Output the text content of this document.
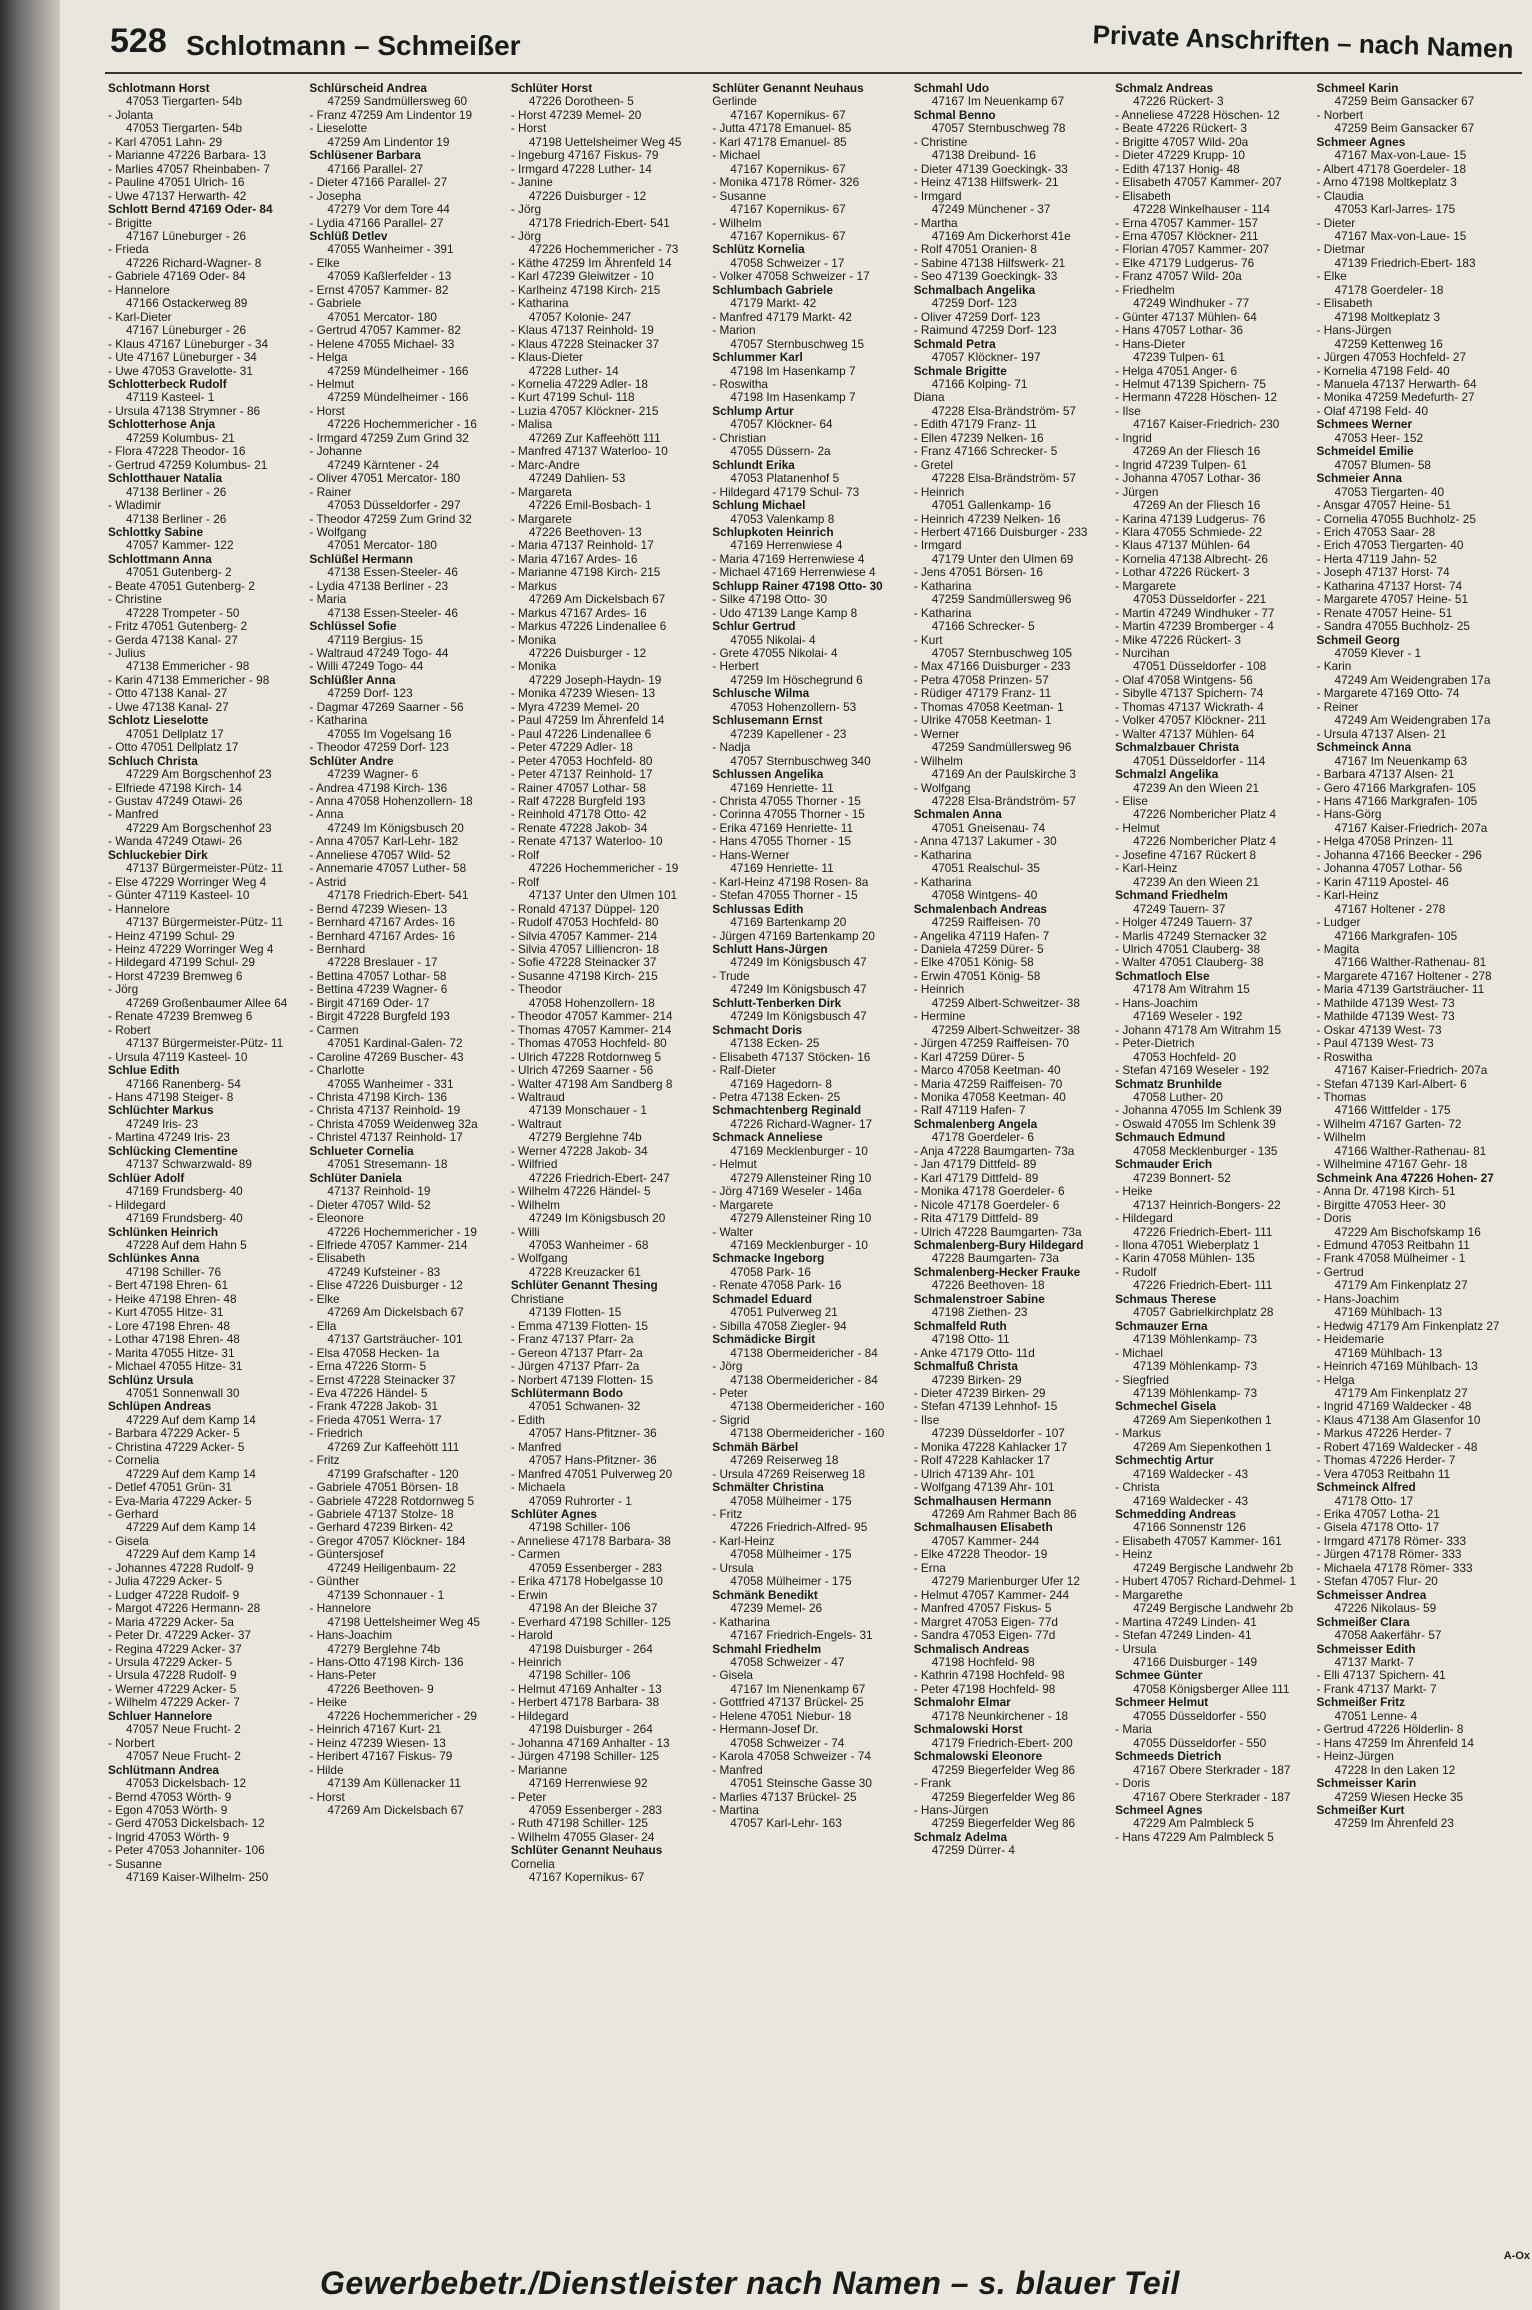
528 Schlotmann – Schmeißer	Private Anschriften – nach Namen
Schlotmann Horst
47053 Tiergarten- 54b
- Jolanta
47053 Tiergarten- 54b
- Karl 47051 Lahn- 29
- Marianne 47226 Barbara- 13
- Marlies 47057 Rheinbaben- 7
- Pauline 47051 Ulrich- 16
- Uwe 47137 Herwarth- 42
Schlott Bernd 47169 Oder- 84
- Brigitte
47167 Lüneburger - 26
- Frieda
47226 Richard-Wagner- 8
- Gabriele 47169 Oder- 84
- Hannelore
47166 Ostackerweg 89
- Karl-Dieter
47167 Lüneburger - 26
- Klaus 47167 Lüneburger - 34
- Ute 47167 Lüneburger - 34
- Uwe 47053 Gravelotte- 31
Schlotterbeck Rudolf
47119 Kasteel- 1
- Ursula 47138 Strymner - 86
Schlotterhose Anja
47259 Kolumbus- 21
- Flora 47228 Theodor- 16
- Gertrud 47259 Kolumbus- 21
Schlotthauer Natalia
47138 Berliner - 26
- Wladimir
47138 Berliner - 26
Schlottky Sabine
47057 Kammer- 122
Schlottmann Anna
47051 Gutenberg- 2
- Beate 47051 Gutenberg- 2
- Christine
47228 Trompeter - 50
- Fritz 47051 Gutenberg- 2
- Gerda 47138 Kanal- 27
- Julius
47138 Emmericher - 98
- Karin 47138 Emmericher - 98
- Otto 47138 Kanal- 27
- Uwe 47138 Kanal- 27
Schlotz Lieselotte
47051 Dellplatz 17
- Otto 47051 Dellplatz 17
Schluch Christa
47229 Am Borgschenhof 23
- Elfriede 47198 Kirch- 14
- Gustav 47249 Otawi- 26
- Manfred
47229 Am Borgschenhof 23
- Wanda 47249 Otawi- 26
Schluckebier Dirk
47137 Bürgermeister-Pütz- 11
- Else 47229 Worringer Weg 4
- Günter 47119 Kasteel- 10
- Hannelore
47137 Bürgermeister-Pütz- 11
- Heinz 47199 Schul- 29
- Heinz 47229 Worringer Weg 4
- Hildegard 47199 Schul- 29
- Horst 47239 Bremweg 6
- Jörg
47269 Großenbaumer Allee 64
- Renate 47239 Bremweg 6
- Robert
47137 Bürgermeister-Pütz- 11
- Ursula 47119 Kasteel- 10
Schlue Edith
47166 Ranenberg- 54
- Hans 47198 Steiger- 8
Schlüchter Markus
47249 Iris- 23
- Martina 47249 Iris- 23
Schlücking Clementine
47137 Schwarzwald- 89
Schlüer Adolf
47169 Frundsberg- 40
- Hildegard
47169 Frundsberg- 40
Schlünken Heinrich
47228 Auf dem Hahn 5
Schlünkes Anna
47198 Schiller- 76
- Bert 47198 Ehren- 61
- Heike 47198 Ehren- 48
- Kurt 47055 Hitze- 31
- Lore 47198 Ehren- 48
- Lothar 47198 Ehren- 48
- Marita 47055 Hitze- 31
- Michael 47055 Hitze- 31
Schlünz Ursula
47051 Sonnenwall 30
Schlüpen Andreas
47229 Auf dem Kamp 14
- Barbara 47229 Acker- 5
- Christina 47229 Acker- 5
- Cornelia
47229 Auf dem Kamp 14
- Detlef 47051 Grün- 31
- Eva-Maria 47229 Acker- 5
- Gerhard
47229 Auf dem Kamp 14
- Gisela
47229 Auf dem Kamp 14
- Johannes 47228 Rudolf- 9
- Julia 47229 Acker- 5
- Ludger 47228 Rudolf- 9
- Margot 47226 Hermann- 28
- Maria 47229 Acker- 5a
- Peter Dr. 47229 Acker- 37
- Regina 47229 Acker- 37
- Ursula 47229 Acker- 5
- Ursula 47228 Rudolf- 9
- Werner 47229 Acker- 5
- Wilhelm 47229 Acker- 7
Schluer Hannelore
47057 Neue Frucht- 2
- Norbert
47057 Neue Frucht- 2
Schlütmann Andrea
47053 Dickelsbach- 12
- Bernd 47053 Wörth- 9
- Egon 47053 Wörth- 9
- Gerd 47053 Dickelsbach- 12
- Ingrid 47053 Wörth- 9
- Peter 47053 Johanniter- 106
- Susanne
47169 Kaiser-Wilhelm- 250
Schlürscheid Andrea
47259 Sandmüllersweg 60
- Franz 47259 Am Lindentor 19
- Lieselotte
47259 Am Lindentor 19
Schlüsener Barbara
47166 Parallel- 27
- Dieter 47166 Parallel- 27
- Josepha
47279 Vor dem Tore 44
- Lydia 47166 Parallel- 27
Schlüß Detlev
47055 Wanheimer - 391
- Elke
47059 Kaßlerfelder - 13
- Ernst 47057 Kammer- 82
- Gabriele
47051 Mercator- 180
- Gertrud 47057 Kammer- 82
- Helene 47055 Michael- 33
- Helga
47259 Mündelheimer - 166
- Helmut
47259 Mündelheimer - 166
- Horst
47226 Hochemmericher - 16
- Irmgard 47259 Zum Grind 32
- Johanne
47249 Kärntener - 24
- Oliver 47051 Mercator- 180
- Rainer
47053 Düsseldorfer - 297
- Theodor 47259 Zum Grind 32
- Wolfgang
47051 Mercator- 180
Schlüßel Hermann
47138 Essen-Steeler- 46
- Lydia 47138 Berliner - 23
- Maria
47138 Essen-Steeler- 46
Schlüssel Sofie
47119 Bergius- 15
- Waltraud 47249 Togo- 44
- Willi 47249 Togo- 44
Schlüßler Anna
47259 Dorf- 123
- Dagmar 47269 Saarner - 56
- Katharina
47055 Im Vogelsang 16
- Theodor 47259 Dorf- 123
Schlüter Andre
47239 Wagner- 6
- Andrea 47198 Kirch- 136
- Anna 47058 Hohenzollern- 18
- Anna
47249 Im Königsbusch 20
- Anna 47057 Karl-Lehr- 182
- Anneliese 47057 Wild- 52
- Annemarie 47057 Luther- 58
- Astrid
47178 Friedrich-Ebert- 541
- Bernd 47239 Wiesen- 13
- Bernhard 47167 Ardes- 16
- Bernhard 47167 Ardes- 16
- Bernhard
47228 Breslauer - 17
- Bettina 47057 Lothar- 58
- Bettina 47239 Wagner- 6
- Birgit 47169 Oder- 17
- Birgit 47228 Burgfeld 193
- Carmen
47051 Kardinal-Galen- 72
- Caroline 47269 Buscher- 43
- Charlotte
47055 Wanheimer - 331
- Christa 47198 Kirch- 136
- Christa 47137 Reinhold- 19
- Christa 47059 Weidenweg 32a
- Christel 47137 Reinhold- 17
Schlueter Cornelia
47051 Stresemann- 18
Schlüter Daniela
47137 Reinhold- 19
- Dieter 47057 Wild- 52
- Eleonore
47226 Hochemmericher - 19
- Elfriede 47057 Kammer- 214
- Elisabeth
47249 Kufsteiner - 83
- Elise 47226 Duisburger - 12
- Elke
47269 Am Dickelsbach 67
- Ella
47137 Gartsträucher- 101
- Elsa 47058 Hecken- 1a
- Erna 47226 Storm- 5
- Ernst 47228 Steinacker 37
- Eva 47226 Händel- 5
- Frank 47228 Jakob- 31
- Frieda 47051 Werra- 17
- Friedrich
47269 Zur Kaffeehött 111
- Fritz
47199 Grafschafter - 120
- Gabriele 47051 Börsen- 18
- Gabriele 47228 Rotdornweg 5
- Gabriele 47137 Stolze- 18
- Gerhard 47239 Birken- 42
- Gregor 47057 Klöckner- 184
- Güntersjosef
47249 Heiligenbaum- 22
- Günther
47139 Schonnauer - 1
- Hannelore
47198 Uettelsheimer Weg 45
- Hans-Joachim
47279 Berglehne 74b
- Hans-Otto 47198 Kirch- 136
- Hans-Peter
47226 Beethoven- 9
- Heike
47226 Hochemmericher - 29
- Heinrich 47167 Kurt- 21
- Heinz 47239 Wiesen- 13
- Heribert 47167 Fiskus- 79
- Hilde
47139 Am Küllenacker 11
- Horst
47269 Am Dickelsbach 67
Schlüter Horst
47226 Dorotheen- 5
- Horst 47239 Memel- 20
- Horst
47198 Uettelsheimer Weg 45
- Ingeburg 47167 Fiskus- 79
- Irmgard 47228 Luther- 14
- Janine
47226 Duisburger - 12
- Jörg
47178 Friedrich-Ebert- 541
- Jörg
47226 Hochemmericher - 73
- Käthe 47259 Im Ährenfeld 14
- Karl 47239 Gleiwitzer - 10
- Karlheinz 47198 Kirch- 215
- Katharina
47057 Kolonie- 247
- Klaus 47137 Reinhold- 19
- Klaus 47228 Steinacker 37
- Klaus-Dieter
47228 Luther- 14
- Kornelia 47229 Adler- 18
- Kurt 47199 Schul- 118
- Luzia 47057 Klöckner- 215
- Malisa
47269 Zur Kaffeehött 111
- Manfred 47137 Waterloo- 10
- Marc-Andre
47249 Dahlien- 53
- Margareta
47226 Emil-Bosbach- 1
- Margarete
47226 Beethoven- 13
- Maria 47137 Reinhold- 17
- Maria 47167 Ardes- 16
- Marianne 47198 Kirch- 215
- Markus
47269 Am Dickelsbach 67
- Markus 47167 Ardes- 16
- Markus 47226 Lindenallee 6
- Monika
47226 Duisburger - 12
- Monika
47229 Joseph-Haydn- 19
- Monika 47239 Wiesen- 13
- Myra 47239 Memel- 20
- Paul 47259 Im Ährenfeld 14
- Paul 47226 Lindenallee 6
- Peter 47229 Adler- 18
- Peter 47053 Hochfeld- 80
- Peter 47137 Reinhold- 17
- Rainer 47057 Lothar- 58
- Ralf 47228 Burgfeld 193
- Reinhold 47178 Otto- 42
- Renate 47228 Jakob- 34
- Renate 47137 Waterloo- 10
- Rolf
47226 Hochemmericher - 19
- Rolf
47137 Unter den Ulmen 101
- Ronald 47137 Düppel- 120
- Rudolf 47053 Hochfeld- 80
- Silvia 47057 Kammer- 214
- Silvia 47057 Lilliencron- 18
- Sofie 47228 Steinacker 37
- Susanne 47198 Kirch- 215
- Theodor
47058 Hohenzollern- 18
- Theodor 47057 Kammer- 214
- Thomas 47057 Kammer- 214
- Thomas 47053 Hochfeld- 80
- Ulrich 47228 Rotdornweg 5
- Ulrich 47269 Saarner - 56
- Walter 47198 Am Sandberg 8
- Waltraud
47139 Monschauer - 1
- Waltraut
47279 Berglehne 74b
- Werner 47228 Jakob- 34
- Wilfried
47226 Friedrich-Ebert- 247
- Wilhelm 47226 Händel- 5
- Wilhelm
47249 Im Königsbusch 20
- Willi
47053 Wanheimer - 68
- Wolfgang
47228 Kreuzacker 61
Schlüter Genannt Thesing
Christiane
47139 Flotten- 15
- Emma 47139 Flotten- 15
- Franz 47137 Pfarr- 2a
- Gereon 47137 Pfarr- 2a
- Jürgen 47137 Pfarr- 2a
- Norbert 47139 Flotten- 15
Schlütermann Bodo
47051 Schwanen- 32
- Edith
47057 Hans-Pfitzner- 36
- Manfred
47057 Hans-Pfitzner- 36
- Manfred 47051 Pulverweg 20
- Michaela
47059 Ruhrorter - 1
Schlüter Agnes
47198 Schiller- 106
- Anneliese 47178 Barbara- 38
- Carmen
47059 Essenberger - 283
- Erika 47178 Hobelgasse 10
- Erwin
47198 An der Bleiche 37
- Everhard 47198 Schiller- 125
- Harold
47198 Duisburger - 264
- Heinrich
47198 Schiller- 106
- Helmut 47169 Anhalter - 13
- Herbert 47178 Barbara- 38
- Hildegard
47198 Duisburger - 264
- Johanna 47169 Anhalter - 13
- Jürgen 47198 Schiller- 125
- Marianne
47169 Herrenwiese 92
- Peter
47059 Essenberger - 283
- Ruth 47198 Schiller- 125
- Wilhelm 47055 Glaser- 24
Schlüter Genannt Neuhaus
Cornelia
47167 Kopernikus- 67
Schlüter Genannt Neuhaus
Gerlinde
47167 Kopernikus- 67
- Jutta 47178 Emanuel- 85
- Karl 47178 Emanuel- 85
- Michael
47167 Kopernikus- 67
- Monika 47178 Römer- 326
- Susanne
47167 Kopernikus- 67
- Wilhelm
47167 Kopernikus- 67
Schlütz Kornelia
47058 Schweizer - 17
- Volker 47058 Schweizer - 17
Schlumbach Gabriele
47179 Markt- 42
- Manfred 47179 Markt- 42
- Marion
47057 Sternbuschweg 15
Schlummer Karl
47198 Im Hasenkamp 7
- Roswitha
47198 Im Hasenkamp 7
Schlump Artur
47057 Klöckner- 64
- Christian
47055 Düssern- 2a
Schlundt Erika
47053 Platanenhof 5
- Hildegard 47179 Schul- 73
Schlung Michael
47053 Valenkamp 8
Schlupkoten Heinrich
47169 Herrenwiese 4
- Maria 47169 Herrenwiese 4
- Michael 47169 Herrenwiese 4
Schlupp Rainer 47198 Otto- 30
- Silke 47198 Otto- 30
- Udo 47139 Lange Kamp 8
Schlur Gertrud
47055 Nikolai- 4
- Grete 47055 Nikolai- 4
- Herbert
47259 Im Höschegrund 6
Schlusche Wilma
47053 Hohenzollern- 53
Schlusemann Ernst
47239 Kapellener - 23
- Nadja
47057 Sternbuschweg 340
Schlussen Angelika
47169 Henriette- 11
- Christa 47055 Thorner - 15
- Corinna 47055 Thorner - 15
- Erika 47169 Henriette- 11
- Hans 47055 Thorner - 15
- Hans-Werner
47169 Henriette- 11
- Karl-Heinz 47198 Rosen- 8a
- Stefan 47055 Thorner - 15
Schlussas Edith
47169 Bartenkamp 20
- Jürgen 47169 Bartenkamp 20
Schlutt Hans-Jürgen
47249 Im Königsbusch 47
- Trude
47249 Im Königsbusch 47
Schlutt-Tenberken Dirk
47249 Im Königsbusch 47
Schmacht Doris
47138 Ecken- 25
- Elisabeth 47137 Stöcken- 16
- Ralf-Dieter
47169 Hagedorn- 8
- Petra 47138 Ecken- 25
Schmachtenberg Reginald
47226 Richard-Wagner- 17
Schmack Anneliese
47169 Mecklenburger - 10
- Helmut
47279 Allensteiner Ring 10
- Jörg 47169 Weseler - 146a
- Margarete
47279 Allensteiner Ring 10
- Walter
47169 Mecklenburger - 10
Schmacke Ingeborg
47058 Park- 16
- Renate 47058 Park- 16
Schmadel Eduard
47051 Pulverweg 21
- Sibilla 47058 Ziegler- 94
Schmädicke Birgit
47138 Obermeidericher - 84
- Jörg
47138 Obermeidericher - 84
- Peter
47138 Obermeidericher - 160
- Sigrid
47138 Obermeidericher - 160
Schmäh Bärbel
47269 Reiserweg 18
- Ursula 47269 Reiserweg 18
Schmälter Christina
47058 Mülheimer - 175
- Fritz
47226 Friedrich-Alfred- 95
- Karl-Heinz
47058 Mülheimer - 175
- Ursula
47058 Mülheimer - 175
Schmänk Benedikt
47239 Memel- 26
- Katharina
47167 Friedrich-Engels- 31
Schmahl Friedhelm
47058 Schweizer - 47
- Gisela
47167 Im Nienenkamp 67
- Gottfried 47137 Brückel- 25
- Helene 47051 Niebur- 18
- Hermann-Josef Dr.
47058 Schweizer - 74
- Karola 47058 Schweizer - 74
- Manfred
47051 Steinsche Gasse 30
- Marlies 47137 Brückel- 25
- Martina
47057 Karl-Lehr- 163
Schmahl Udo
47167 Im Neuenkamp 67
Schmal Benno
47057 Sternbuschweg 78
- Christine
47138 Dreibund- 16
- Dieter 47139 Goeckingk- 33
- Heinz 47138 Hilfswerk- 21
- Irmgard
47249 Münchener - 37
- Martha
47169 Am Dickerhorst 41e
- Rolf 47051 Oranien- 8
- Sabine 47138 Hilfswerk- 21
- Seo 47139 Goeckingk- 33
Schmalbach Angelika
47259 Dorf- 123
- Oliver 47259 Dorf- 123
- Raimund 47259 Dorf- 123
Schmald Petra
47057 Klöckner- 197
Schmale Brigitte
47166 Kolping- 71
Diana
47228 Elsa-Brändström- 57
- Edith 47179 Franz- 11
- Ellen 47239 Nelken- 16
- Franz 47166 Schrecker- 5
- Gretel
47228 Elsa-Brändström- 57
- Heinrich
47051 Gallenkamp- 16
- Heinrich 47239 Nelken- 16
- Herbert 47166 Duisburger - 233
- Irmgard
47179 Unter den Ulmen 69
- Jens 47051 Börsen- 16
- Katharina
47259 Sandmüllersweg 96
- Katharina
47166 Schrecker- 5
- Kurt
47057 Sternbuschweg 105
- Max 47166 Duisburger - 233
- Petra 47058 Prinzen- 57
- Rüdiger 47179 Franz- 11
- Thomas 47058 Keetman- 1
- Ulrike 47058 Keetman- 1
- Werner
47259 Sandmüllersweg 96
- Wilhelm
47169 An der Paulskirche 3
- Wolfgang
47228 Elsa-Brändström- 57
Schmalen Anna
47051 Gneisenau- 74
- Anna 47137 Lakumer - 30
- Katharina
47051 Realschul- 35
- Katharina
47058 Wintgens- 40
Schmalenbach Andreas
47259 Raiffeisen- 70
- Angelika 47119 Hafen- 7
- Daniela 47259 Dürer- 5
- Elke 47051 König- 58
- Erwin 47051 König- 58
- Heinrich
47259 Albert-Schweitzer- 38
- Hermine
47259 Albert-Schweitzer- 38
- Jürgen 47259 Raiffeisen- 70
- Karl 47259 Dürer- 5
- Marco 47058 Keetman- 40
- Maria 47259 Raiffeisen- 70
- Monika 47058 Keetman- 40
- Ralf 47119 Hafen- 7
Schmalenberg Angela
47178 Goerdeler- 6
- Anja 47228 Baumgarten- 73a
- Jan 47179 Dittfeld- 89
- Karl 47179 Dittfeld- 89
- Monika 47178 Goerdeler- 6
- Nicole 47178 Goerdeler- 6
- Rita 47179 Dittfeld- 89
- Ulrich 47228 Baumgarten- 73a
Schmalenberg-Bury Hildegard
47228 Baumgarten- 73a
Schmalenberg-Hecker Frauke
47226 Beethoven- 18
Schmalenstroer Sabine
47198 Ziethen- 23
Schmalfeld Ruth
47198 Otto- 11
- Anke 47179 Otto- 11d
Schmalfuß Christa
47239 Birken- 29
- Dieter 47239 Birken- 29
- Stefan 47139 Lehnhof- 15
- Ilse
47239 Düsseldorfer - 107
- Monika 47228 Kahlacker 17
- Rolf 47228 Kahlacker 17
- Ulrich 47139 Ahr- 101
- Wolfgang 47139 Ahr- 101
Schmalhausen Hermann
47269 Am Rahmer Bach 86
Schmalhausen Elisabeth
47057 Kammer- 244
- Elke 47228 Theodor- 19
- Erna
47279 Marienburger Ufer 12
- Helmut 47057 Kammer- 244
- Manfred 47057 Fiskus- 5
- Margret 47053 Eigen- 77d
- Sandra 47053 Eigen- 77d
Schmalisch Andreas
47198 Hochfeld- 98
- Kathrin 47198 Hochfeld- 98
- Peter 47198 Hochfeld- 98
Schmalohr Elmar
47178 Neunkirchener - 18
Schmalowski Horst
47179 Friedrich-Ebert- 200
Schmalowski Eleonore
47259 Biegerfelder Weg 86
- Frank
47259 Biegerfelder Weg 86
- Hans-Jürgen
47259 Biegerfelder Weg 86
Schmalz Adelma
47259 Dürrer- 4
Schmalz Andreas
47226 Rückert- 3
- Anneliese 47228 Höschen- 12
- Beate 47226 Rückert- 3
- Brigitte 47057 Wild- 20a
- Dieter 47229 Krupp- 10
- Edith 47137 Honig- 48
- Elisabeth 47057 Kammer- 207
- Elisabeth
47228 Winkelhauser - 114
- Erna 47057 Kammer- 157
- Erna 47057 Klöckner- 211
- Florian 47057 Kammer- 207
- Elke 47179 Ludgerus- 76
- Franz 47057 Wild- 20a
- Friedhelm
47249 Windhuker - 77
- Günter 47137 Mühlen- 64
- Hans 47057 Lothar- 36
- Hans-Dieter
47239 Tulpen- 61
- Helga 47051 Anger- 6
- Helmut 47139 Spichern- 75
- Hermann 47228 Höschen- 12
- Ilse
47167 Kaiser-Friedrich- 230
- Ingrid
47269 An der Fliesch 16
- Ingrid 47239 Tulpen- 61
- Johanna 47057 Lothar- 36
- Jürgen
47269 An der Fliesch 16
- Karina 47139 Ludgerus- 76
- Klara 47055 Schmiede- 22
- Klaus 47137 Mühlen- 64
- Kornelia 47138 Albrecht- 26
- Lothar 47226 Rückert- 3
- Margarete
47053 Düsseldorfer - 221
- Martin 47249 Windhuker - 77
- Martin 47239 Bromberger - 4
- Mike 47226 Rückert- 3
- Nurcihan
47051 Düsseldorfer - 108
- Olaf 47058 Wintgens- 56
- Sibylle 47137 Spichern- 74
- Thomas 47137 Wickrath- 4
- Volker 47057 Klöckner- 211
- Walter 47137 Mühlen- 64
Schmalzbauer Christa
47051 Düsseldorfer - 114
Schmalzl Angelika
47239 An den Wieen 21
- Elise
47226 Nombericher Platz 4
- Helmut
47226 Nombericher Platz 4
- Josefine 47167 Rückert 8
- Karl-Heinz
47239 An den Wieen 21
Schmand Friedhelm
47249 Tauern- 37
- Holger 47249 Tauern- 37
- Marlis 47249 Sternacker 32
- Ulrich 47051 Clauberg- 38
- Walter 47051 Clauberg- 38
Schmatloch Else
47178 Am Witrahm 15
- Hans-Joachim
47169 Weseler - 192
- Johann 47178 Am Witrahm 15
- Peter-Dietrich
47053 Hochfeld- 20
- Stefan 47169 Weseler - 192
Schmatz Brunhilde
47058 Luther- 20
- Johanna 47055 Im Schlenk 39
- Oswald 47055 Im Schlenk 39
Schmauch Edmund
47058 Mecklenburger - 135
Schmauder Erich
47239 Bonnert- 52
- Heike
47137 Heinrich-Bongers- 22
- Hildegard
47226 Friedrich-Ebert- 111
- Ilona 47051 Wieberplatz 1
- Karin 47058 Mühlen- 135
- Rudolf
47226 Friedrich-Ebert- 111
Schmaus Therese
47057 Gabrielkirchplatz 28
Schmauzer Erna
47139 Möhlenkamp- 73
- Michael
47139 Möhlenkamp- 73
- Siegfried
47139 Möhlenkamp- 73
Schmechel Gisela
47269 Am Siepenkothen 1
- Markus
47269 Am Siepenkothen 1
Schmechtig Artur
47169 Waldecker - 43
- Christa
47169 Waldecker - 43
Schmedding Andreas
47166 Sonnenstr 126
- Elisabeth 47057 Kammer- 161
- Heinz
47249 Bergische Landwehr 2b
- Hubert 47057 Richard-Dehmel- 1
- Margarethe
47249 Bergische Landwehr 2b
- Martina 47249 Linden- 41
- Stefan 47249 Linden- 41
- Ursula
47166 Duisburger - 149
Schmee Günter
47058 Königsberger Allee 111
Schmeer Helmut
47055 Düsseldorfer - 550
- Maria
47055 Düsseldorfer - 550
Schmeeds Dietrich
47167 Obere Sterkrader - 187
- Doris
47167 Obere Sterkrader - 187
Schmeel Agnes
47229 Am Palmbleck 5
- Hans 47229 Am Palmbleck 5
Schmeel Karin
47259 Beim Gansacker 67
- Norbert
47259 Beim Gansacker 67
Schmeer Agnes
47167 Max-von-Laue- 15
- Albert 47178 Goerdeler- 18
- Arno 47198 Moltkeplatz 3
- Claudia
47053 Karl-Jarres- 175
- Dieter
47167 Max-von-Laue- 15
- Dietmar
47139 Friedrich-Ebert- 183
- Elke
47178 Goerdeler- 18
- Elisabeth
47198 Moltkeplatz 3
- Hans-Jürgen
47259 Kettenweg 16
- Jürgen 47053 Hochfeld- 27
- Kornelia 47198 Feld- 40
- Manuela 47137 Herwarth- 64
- Monika 47259 Medefurth- 27
- Olaf 47198 Feld- 40
Schmees Werner
47053 Heer- 152
Schmeidel Emilie
47057 Blumen- 58
Schmeier Anna
47053 Tiergarten- 40
- Ansgar 47057 Heine- 51
- Cornelia 47055 Buchholz- 25
- Erich 47053 Saar- 28
- Erich 47053 Tiergarten- 40
- Herta 47119 Jahn- 52
- Joseph 47137 Horst- 74
- Katharina 47137 Horst- 74
- Margarete 47057 Heine- 51
- Renate 47057 Heine- 51
- Sandra 47055 Buchholz- 25
Schmeil Georg
47059 Klever - 1
- Karin
47249 Am Weidengraben 17a
- Margarete 47169 Otto- 74
- Reiner
47249 Am Weidengraben 17a
- Ursula 47137 Alsen- 21
Schmeinck Anna
47167 Im Neuenkamp 63
- Barbara 47137 Alsen- 21
- Gero 47166 Markgrafen- 105
- Hans 47166 Markgrafen- 105
- Hans-Görg
47167 Kaiser-Friedrich- 207a
- Helga 47058 Prinzen- 11
- Johanna 47166 Beecker - 296
- Johanna 47057 Lothar- 56
- Karin 47119 Apostel- 46
- Karl-Heinz
47167 Holtener - 278
- Ludger
47166 Markgrafen- 105
- Magita
47166 Walther-Rathenau- 81
- Margarete 47167 Holtener - 278
- Maria 47139 Gartsträucher- 11
- Mathilde 47139 West- 73
- Mathilde 47139 West- 73
- Oskar 47139 West- 73
- Paul 47139 West- 73
- Roswitha
47167 Kaiser-Friedrich- 207a
- Stefan 47139 Karl-Albert- 6
- Thomas
47166 Wittfelder - 175
- Wilhelm 47167 Garten- 72
- Wilhelm
47166 Walther-Rathenau- 81
- Wilhelmine 47167 Gehr- 18
Schmeink Ana 47226 Hohen- 27
- Anna Dr. 47198 Kirch- 51
- Birgitte 47053 Heer- 30
- Doris
47229 Am Bischofskamp 16
- Edmund 47053 Reitbahn 11
- Frank 47058 Mülheimer - 1
- Gertrud
47179 Am Finkenplatz 27
- Hans-Joachim
47169 Mühlbach- 13
- Hedwig 47179 Am Finkenplatz 27
- Heidemarie
47169 Mühlbach- 13
- Heinrich 47169 Mühlbach- 13
- Helga
47179 Am Finkenplatz 27
- Ingrid 47169 Waldecker - 48
- Klaus 47138 Am Glasenfor 10
- Markus 47226 Herder- 7
- Robert 47169 Waldecker - 48
- Thomas 47226 Herder- 7
- Vera 47053 Reitbahn 11
Schmeinck Alfred
47178 Otto- 17
- Erika 47057 Lotha- 21
- Gisela 47178 Otto- 17
- Irmgard 47178 Römer- 333
- Jürgen 47178 Römer- 333
- Michaela 47178 Römer- 333
- Stefan 47057 Flur- 20
Schmeisser Andrea
47226 Nikolaus- 59
Schmeißer Clara
47058 Aakerfähr- 57
Schmeisser Edith
47137 Markt- 7
- Elli 47137 Spichern- 41
- Frank 47137 Markt- 7
Schmeißer Fritz
47051 Lenne- 4
- Gertrud 47226 Hölderlin- 8
- Hans 47259 Im Ährenfeld 14
- Heinz-Jürgen
47228 In den Laken 12
Schmeisser Karin
47259 Wiesen Hecke 35
Schmeißer Kurt
47259 Im Ährenfeld 23
Gewerbebetr./Dienstleister nach Namen – s. blauer Teil
A-Ox
